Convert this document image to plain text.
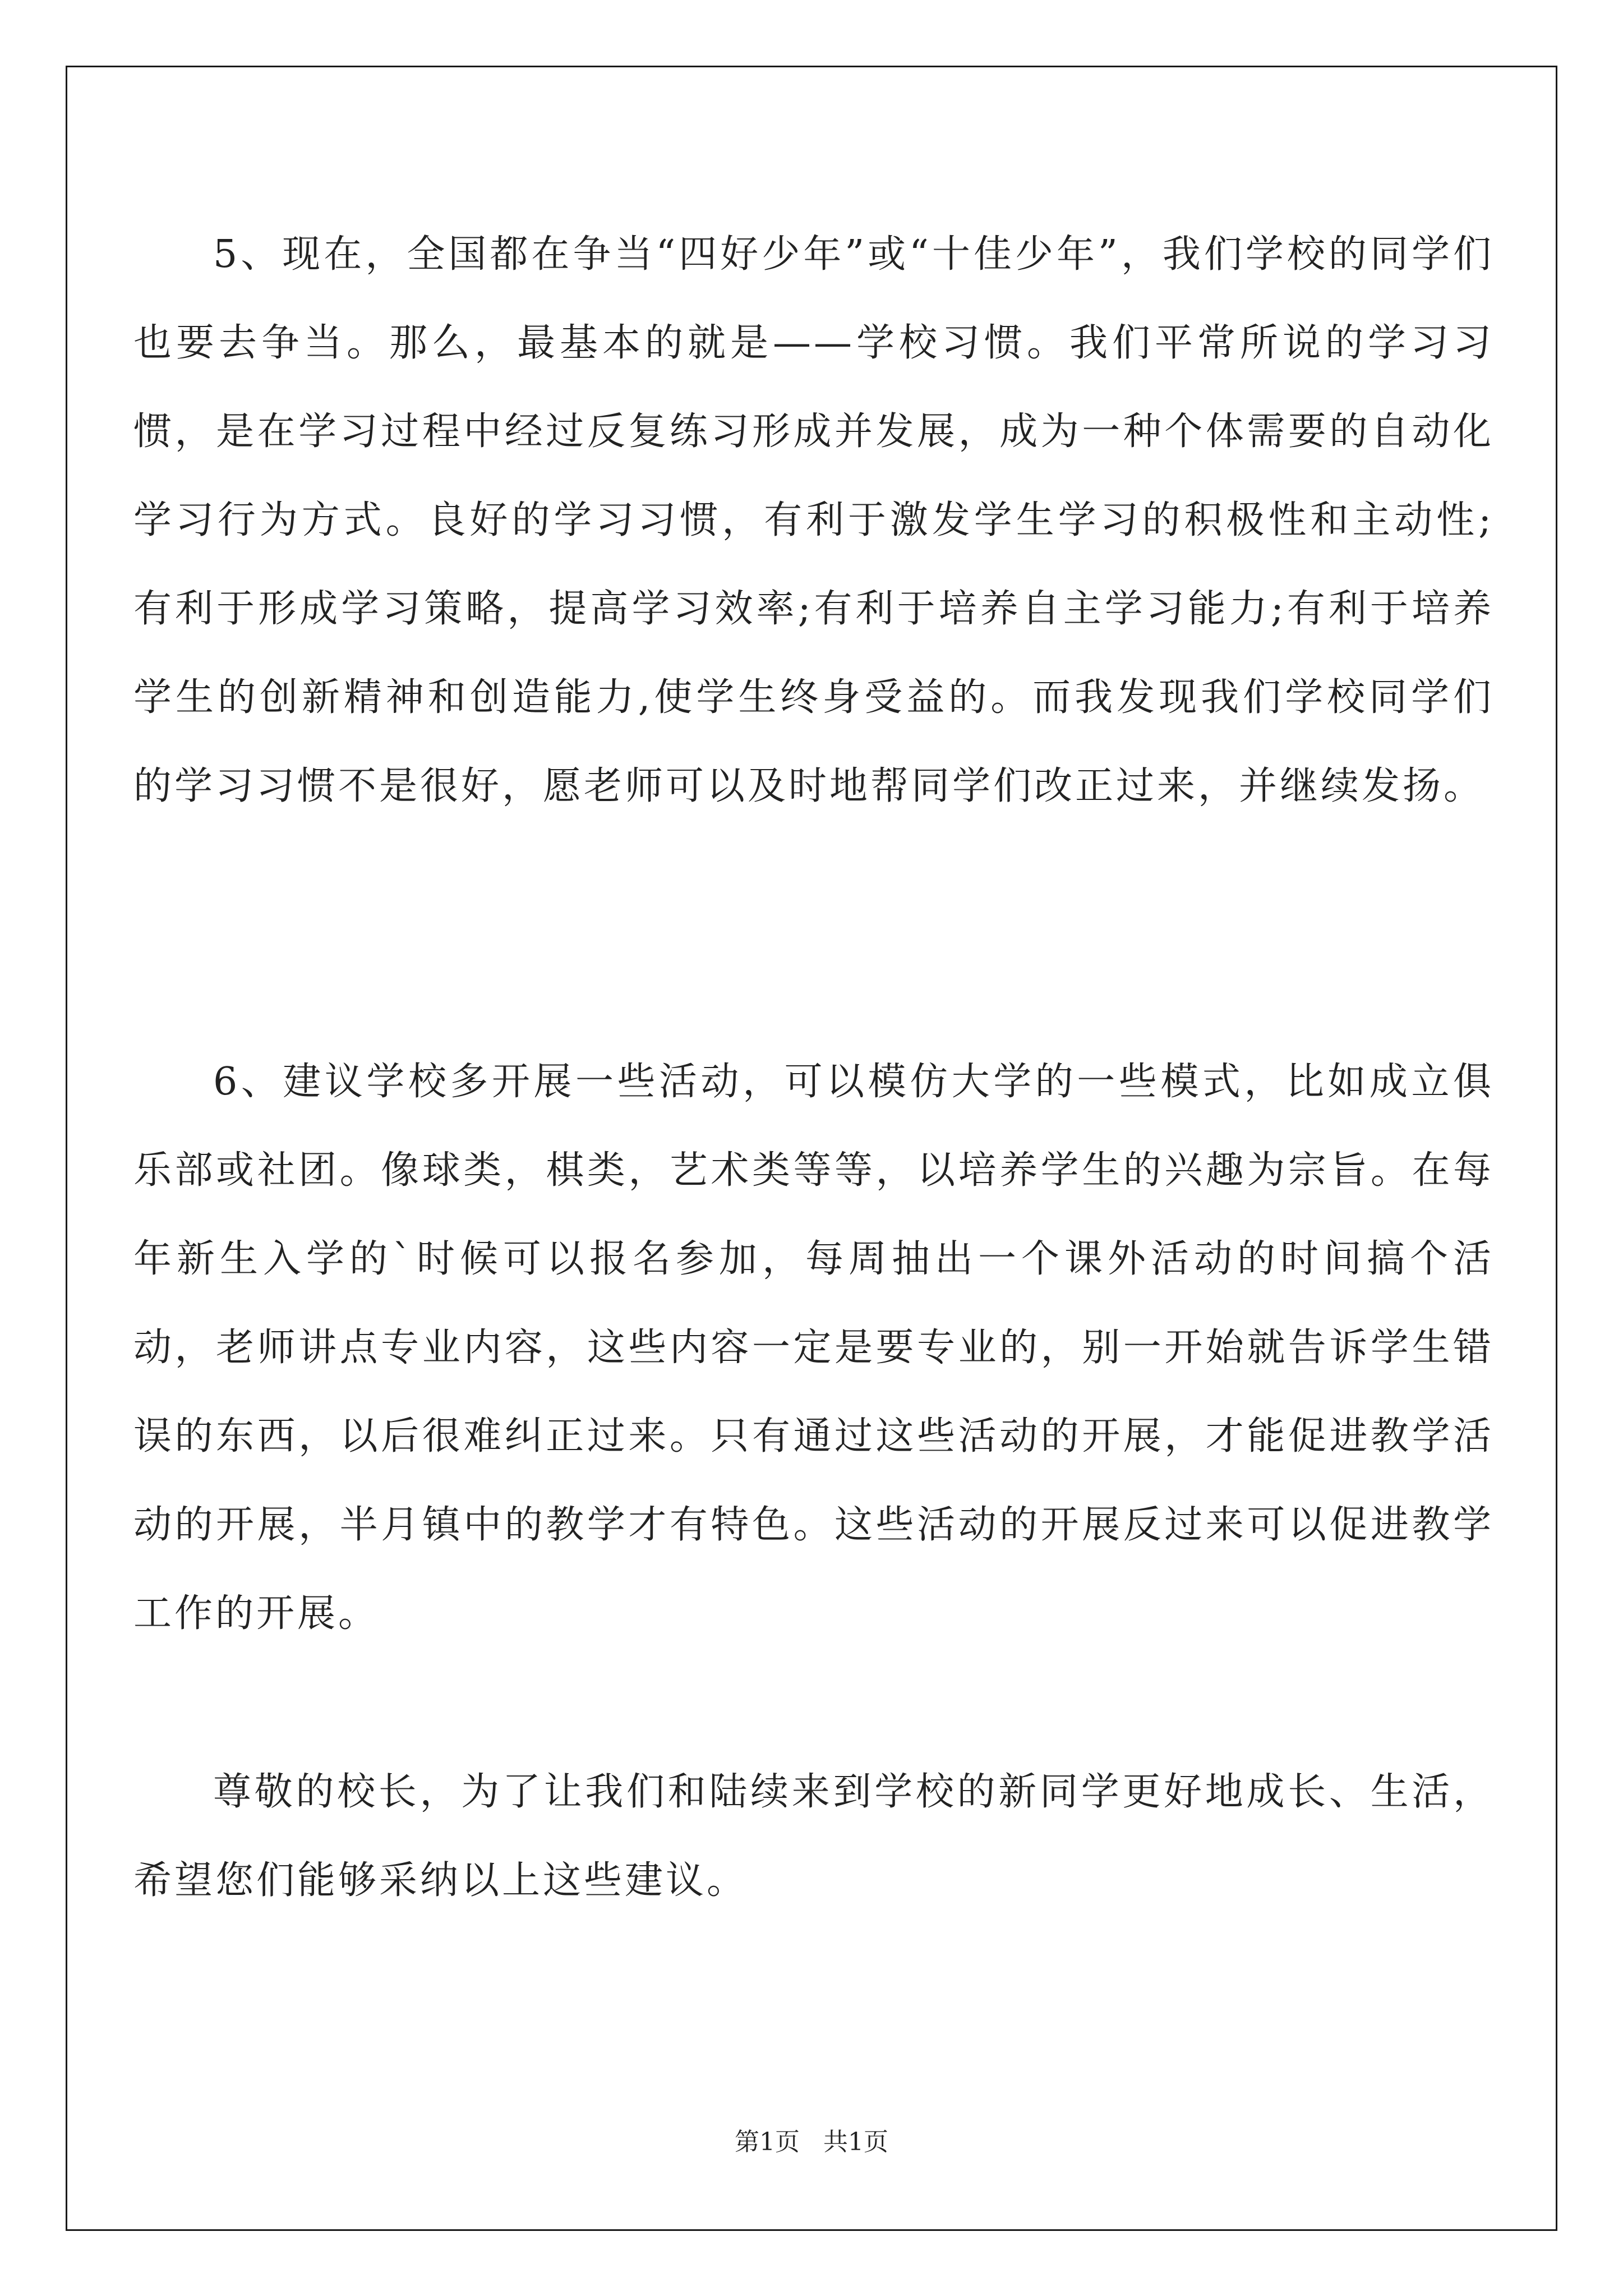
5、现在，全国都在争当“四好少年”或“十佳少年”，我们学校的同学们也要去争当。那么，最基本的就是——学校习惯。我们平常所说的学习习惯，是在学习过程中经过反复练习形成并发展，成为一种个体需要的自动化学习行为方式。良好的学习习惯，有利于激发学生学习的积极性和主动性;有利于形成学习策略，提高学习效率;有利于培养自主学习能力;有利于培养学生的创新精神和创造能力,使学生终身受益的。而我发现我们学校同学们的学习习惯不是很好，愿老师可以及时地帮同学们改正过来，并继续发扬。

6、建议学校多开展一些活动，可以模仿大学的一些模式，比如成立俱乐部或社团。像球类，棋类，艺术类等等，以培养学生的兴趣为宗旨。在每年新生入学的`时候可以报名参加，每周抽出一个课外活动的时间搞个活动，老师讲点专业内容，这些内容一定是要专业的，别一开始就告诉学生错误的东西，以后很难纠正过来。只有通过这些活动的开展，才能促进教学活动的开展，半月镇中的教学才有特色。这些活动的开展反过来可以促进教学工作的开展。

尊敬的校长，为了让我们和陆续来到学校的新同学更好地成长、生活，希望您们能够采纳以上这些建议。

第1页   共1页
